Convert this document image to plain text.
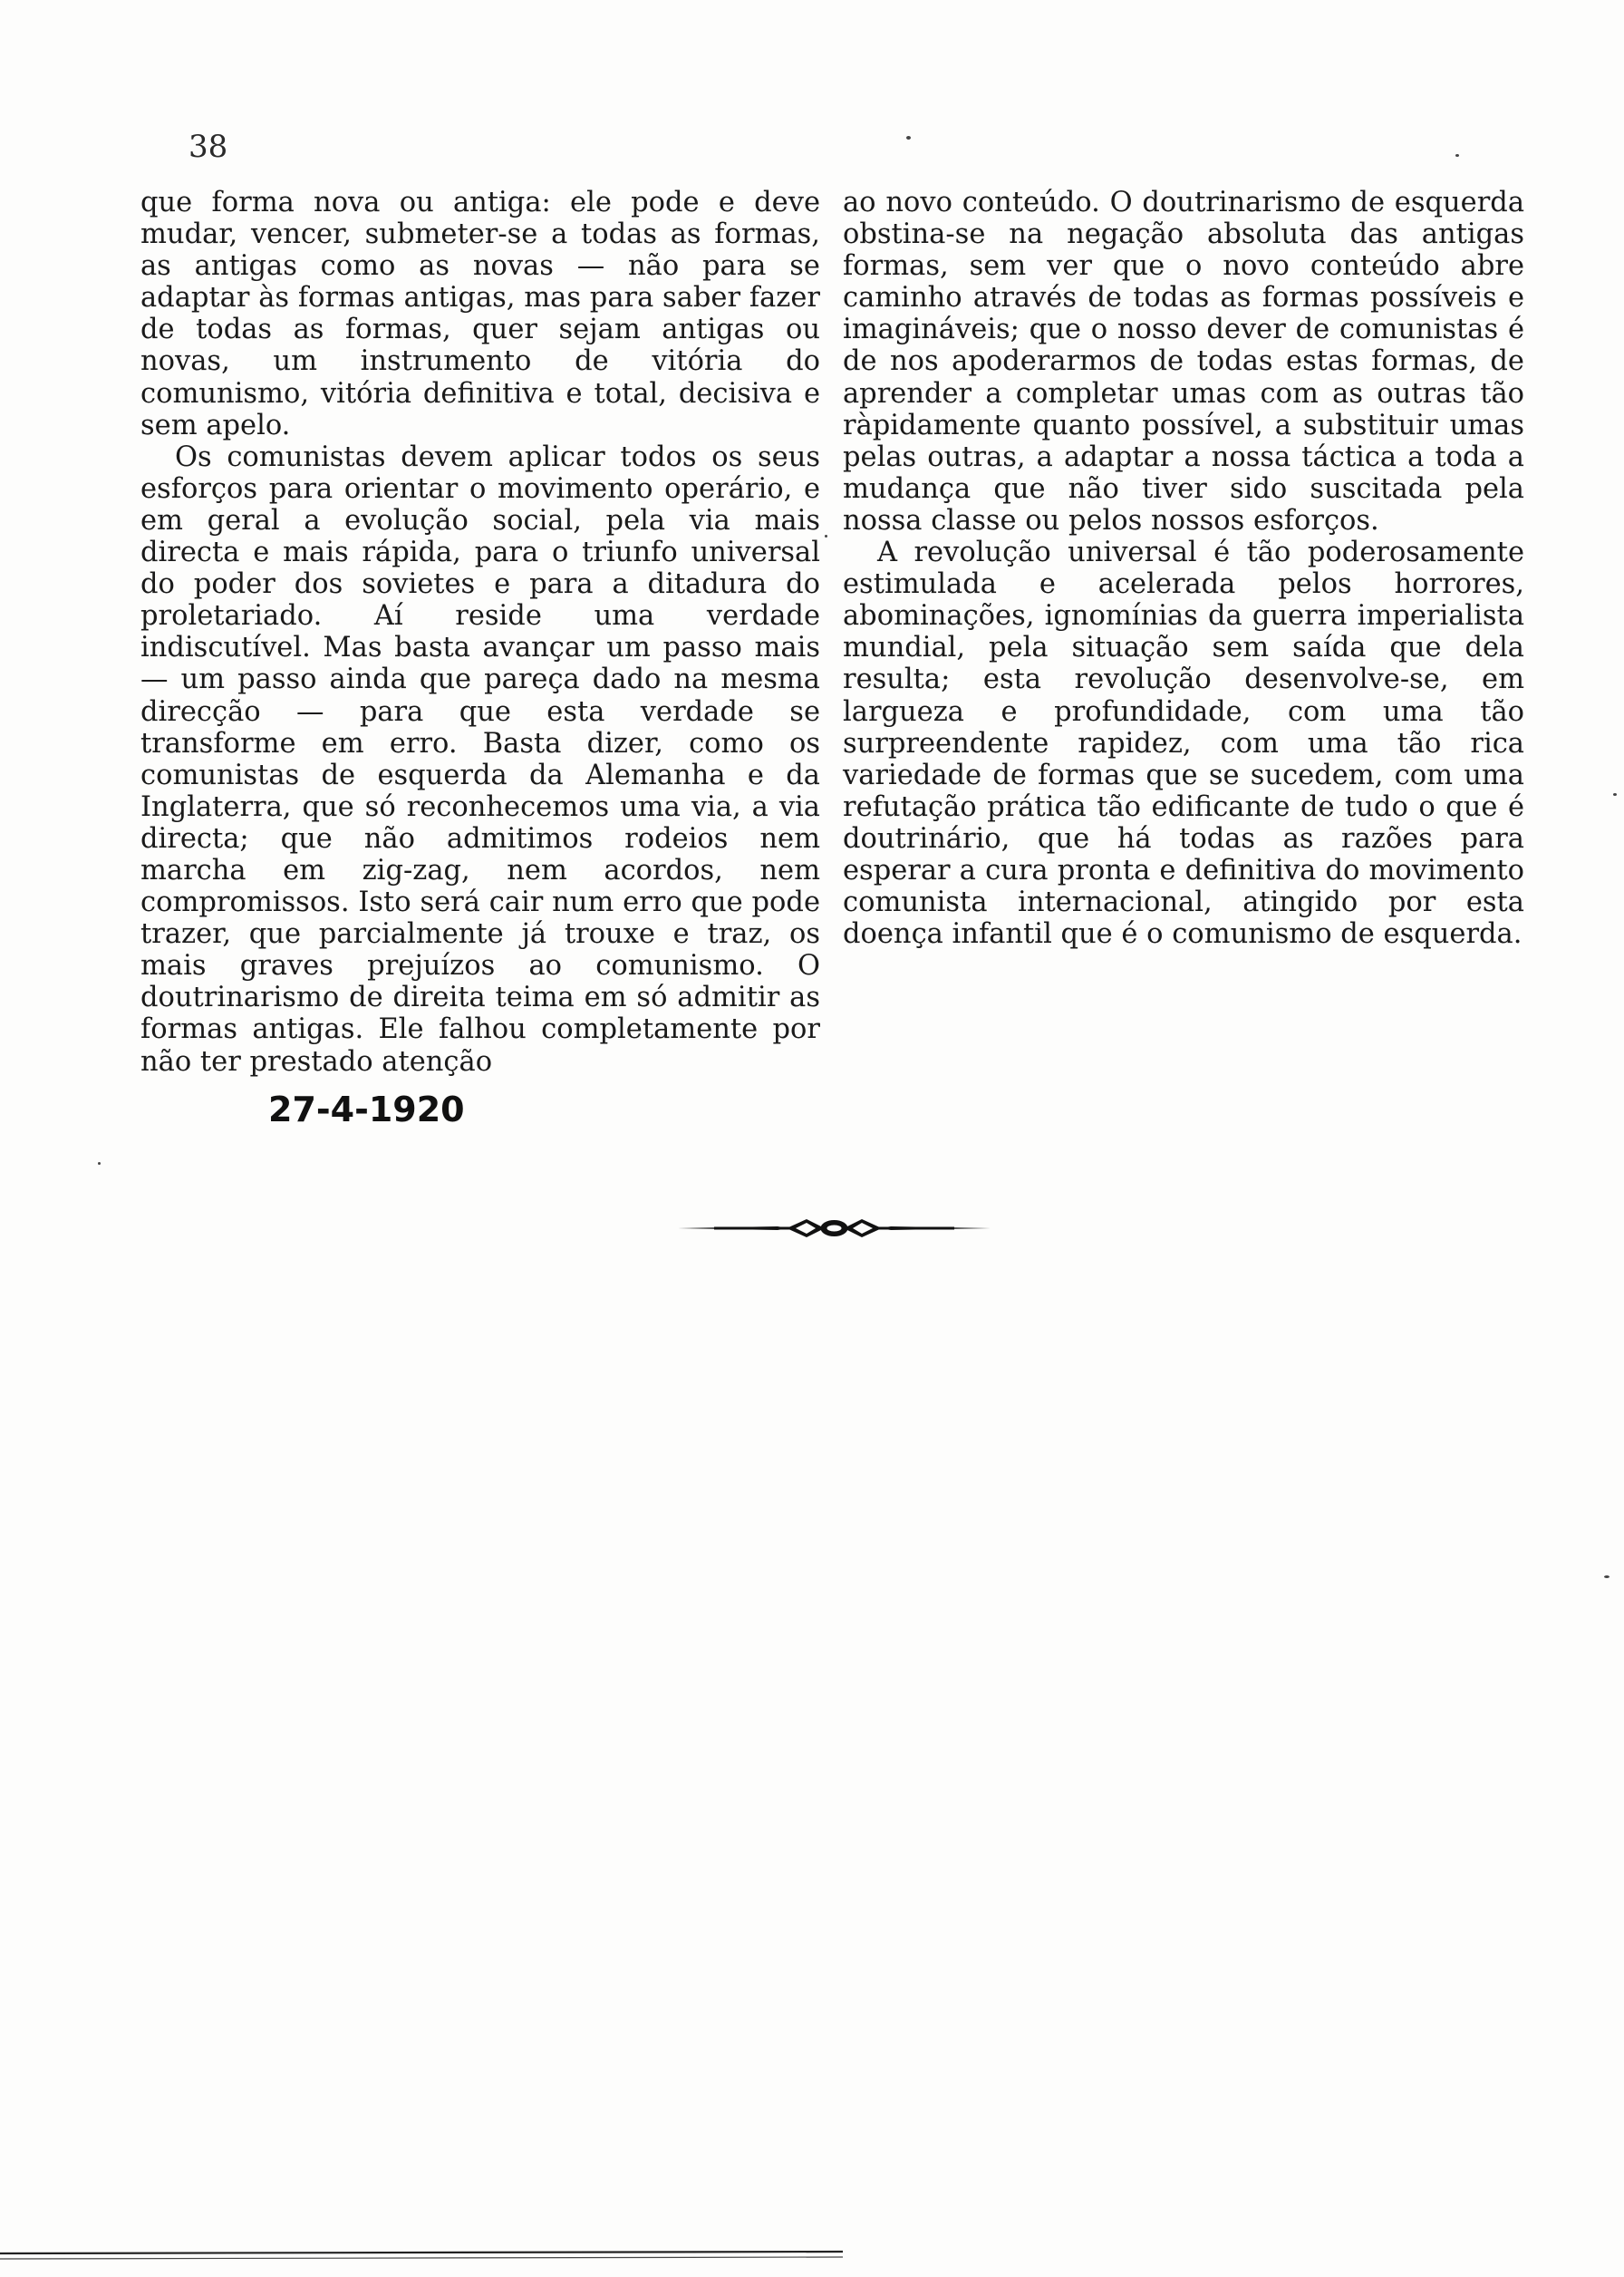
38

que forma nova ou antiga: ele pode e deve mudar, vencer, submeter-se a todas as formas, as antigas como as novas — não para se adaptar às formas antigas, mas para saber fazer de todas as formas, quer sejam antigas ou novas, um instrumento de vitória do comunismo, vitória definitiva e total, decisiva e sem apelo.

Os comunistas devem aplicar todos os seus esforços para orientar o movimento operário, e em geral a evolução social, pela via mais directa e mais rápida, para o triunfo universal do poder dos sovietes e para a ditadura do proletariado. Aí reside uma verdade indiscutível. Mas basta avançar um passo mais — um passo ainda que pareça dado na mesma direcção — para que esta verdade se transforme em erro. Basta dizer, como os comunistas de esquerda da Alemanha e da Inglaterra, que só reconhecemos uma via, a via directa; que não admitimos rodeios nem marcha em zig-zag, nem acordos, nem compromissos. Isto será cair num erro que pode trazer, que parcialmente já trouxe e traz, os mais graves prejuízos ao comunismo. O doutrinarismo de direita teima em só admitir as formas antigas. Ele falhou completamente por não ter prestado atenção

ao novo conteúdo. O doutrinarismo de esquerda obstina-se na negação absoluta das antigas formas, sem ver que o novo conteúdo abre caminho através de todas as formas possíveis e imagináveis; que o nosso dever de comunistas é de nos apoderarmos de todas estas formas, de aprender a completar umas com as outras tão ràpidamente quanto possível, a substituir umas pelas outras, a adaptar a nossa táctica a toda a mudança que não tiver sido suscitada pela nossa classe ou pelos nossos esforços.

A revolução universal é tão poderosamente estimulada e acelerada pelos horrores, abominações, ignomínias da guerra imperialista mundial, pela situação sem saída que dela resulta; esta revolução desenvolve-se, em largueza e profundidade, com uma tão surpreendente rapidez, com uma tão rica variedade de formas que se sucedem, com uma refutação prática tão edificante de tudo o que é doutrinário, que há todas as razões para esperar a cura pronta e definitiva do movimento comunista internacional, atingido por esta doença infantil que é o comunismo de esquerda.

27-4-1920
